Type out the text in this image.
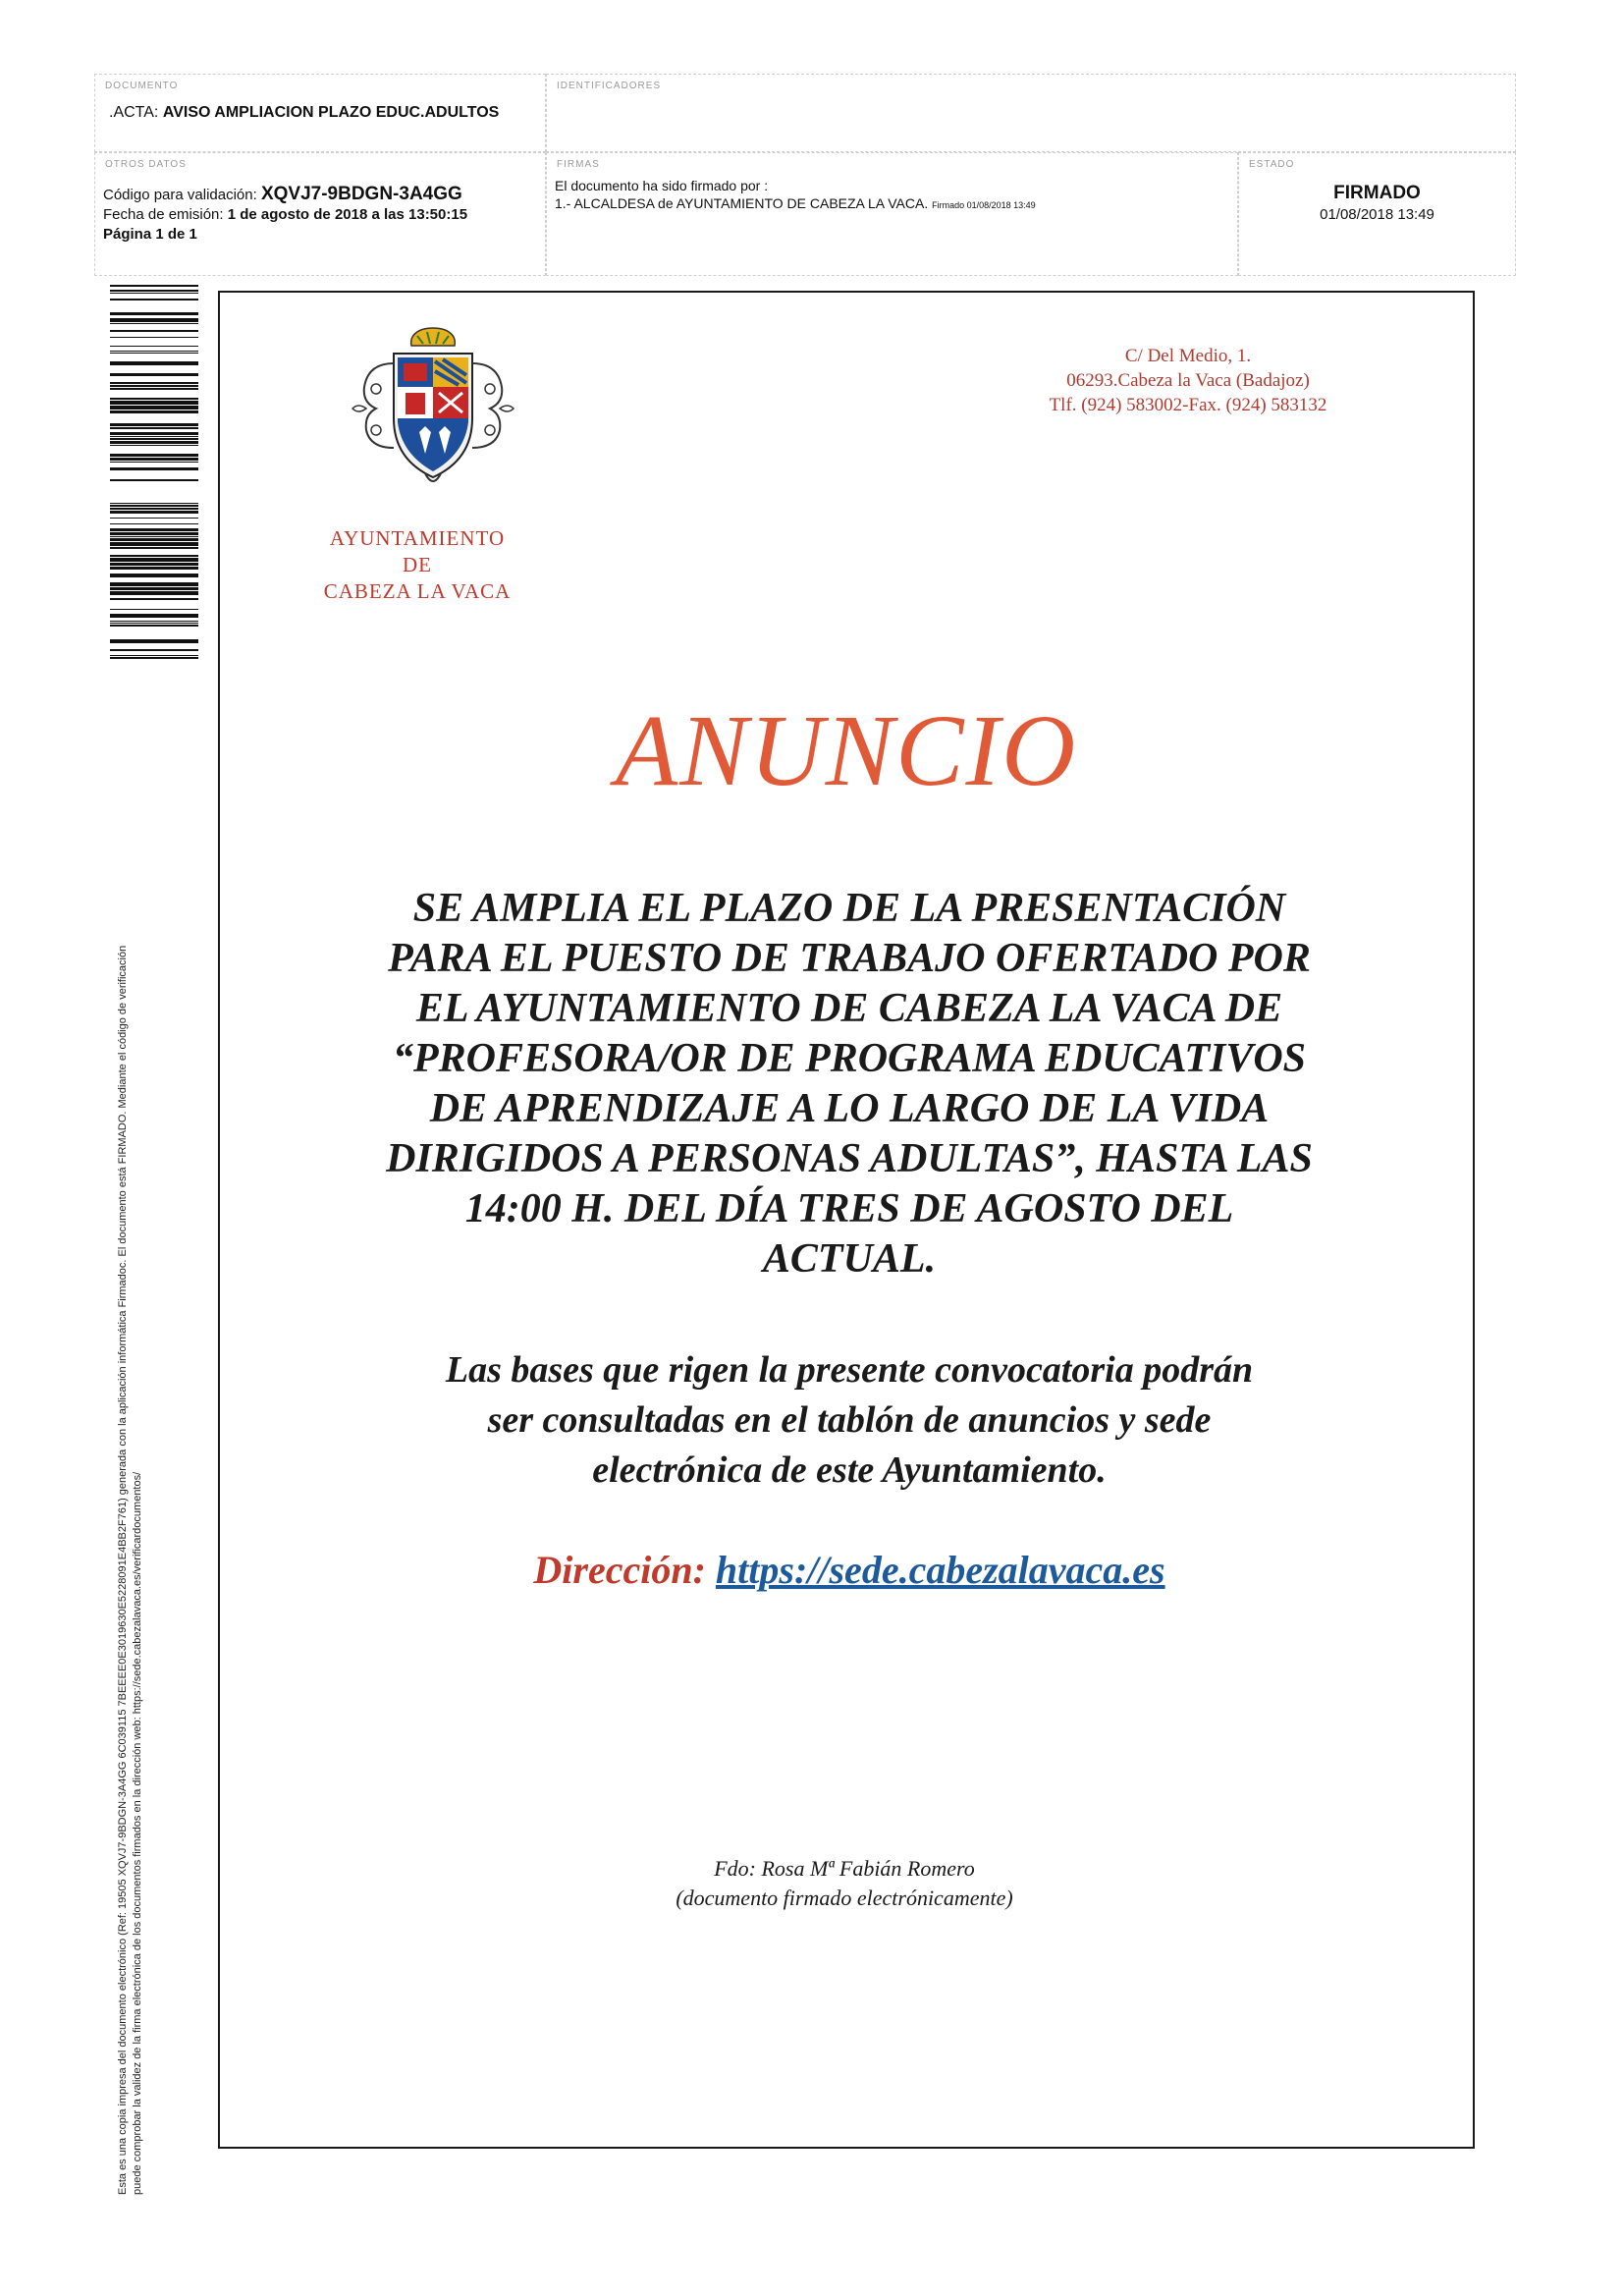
DOCUMENTO
.ACTA: AVISO AMPLIACION PLAZO EDUC.ADULTOS
IDENTIFICADORES
OTROS DATOS
Código para validación: XQVJ7-9BDGN-3A4GG
Fecha de emisión: 1 de agosto de 2018 a las 13:50:15
Página 1 de 1
FIRMAS
El documento ha sido firmado por :
1.- ALCALDESA de AYUNTAMIENTO DE CABEZA LA VACA. Firmado 01/08/2018 13:49
ESTADO
FIRMADO
01/08/2018 13:49
Esta es una copia impresa del documento electrónico (Ref: 19505 XQVJ7-9BDGN-3A4GG 6C039115 7BEEEE0E3019630E5228091E4BB2F761) generada con la aplicación informática Firmadoc. El documento está FIRMADO. Mediante el código de verificación puede comprobar la validez de la firma electrónica de los documentos firmados en la dirección web: https://sede.cabezalavaca.es/verificardocumentos/
AYUNTAMIENTO
DE
CABEZA LA VACA
C/ Del Medio, 1.
06293.Cabeza la Vaca (Badajoz)
Tlf. (924) 583002-Fax. (924) 583132
ANUNCIO
SE AMPLIA EL PLAZO DE LA PRESENTACIÓN
PARA EL PUESTO DE TRABAJO OFERTADO POR
EL AYUNTAMIENTO DE CABEZA LA VACA DE
“PROFESORA/OR DE PROGRAMA EDUCATIVOS
DE APRENDIZAJE A LO LARGO DE LA VIDA
DIRIGIDOS A PERSONAS ADULTAS”, HASTA LAS
14:00 H. DEL DÍA TRES DE AGOSTO DEL
ACTUAL.
Las bases que rigen la presente convocatoria podrán
ser consultadas en el tablón de anuncios y sede
electrónica de este Ayuntamiento.
Dirección: https://sede.cabezalavaca.es
Fdo: Rosa Mª Fabián Romero
(documento firmado electrónicamente)
